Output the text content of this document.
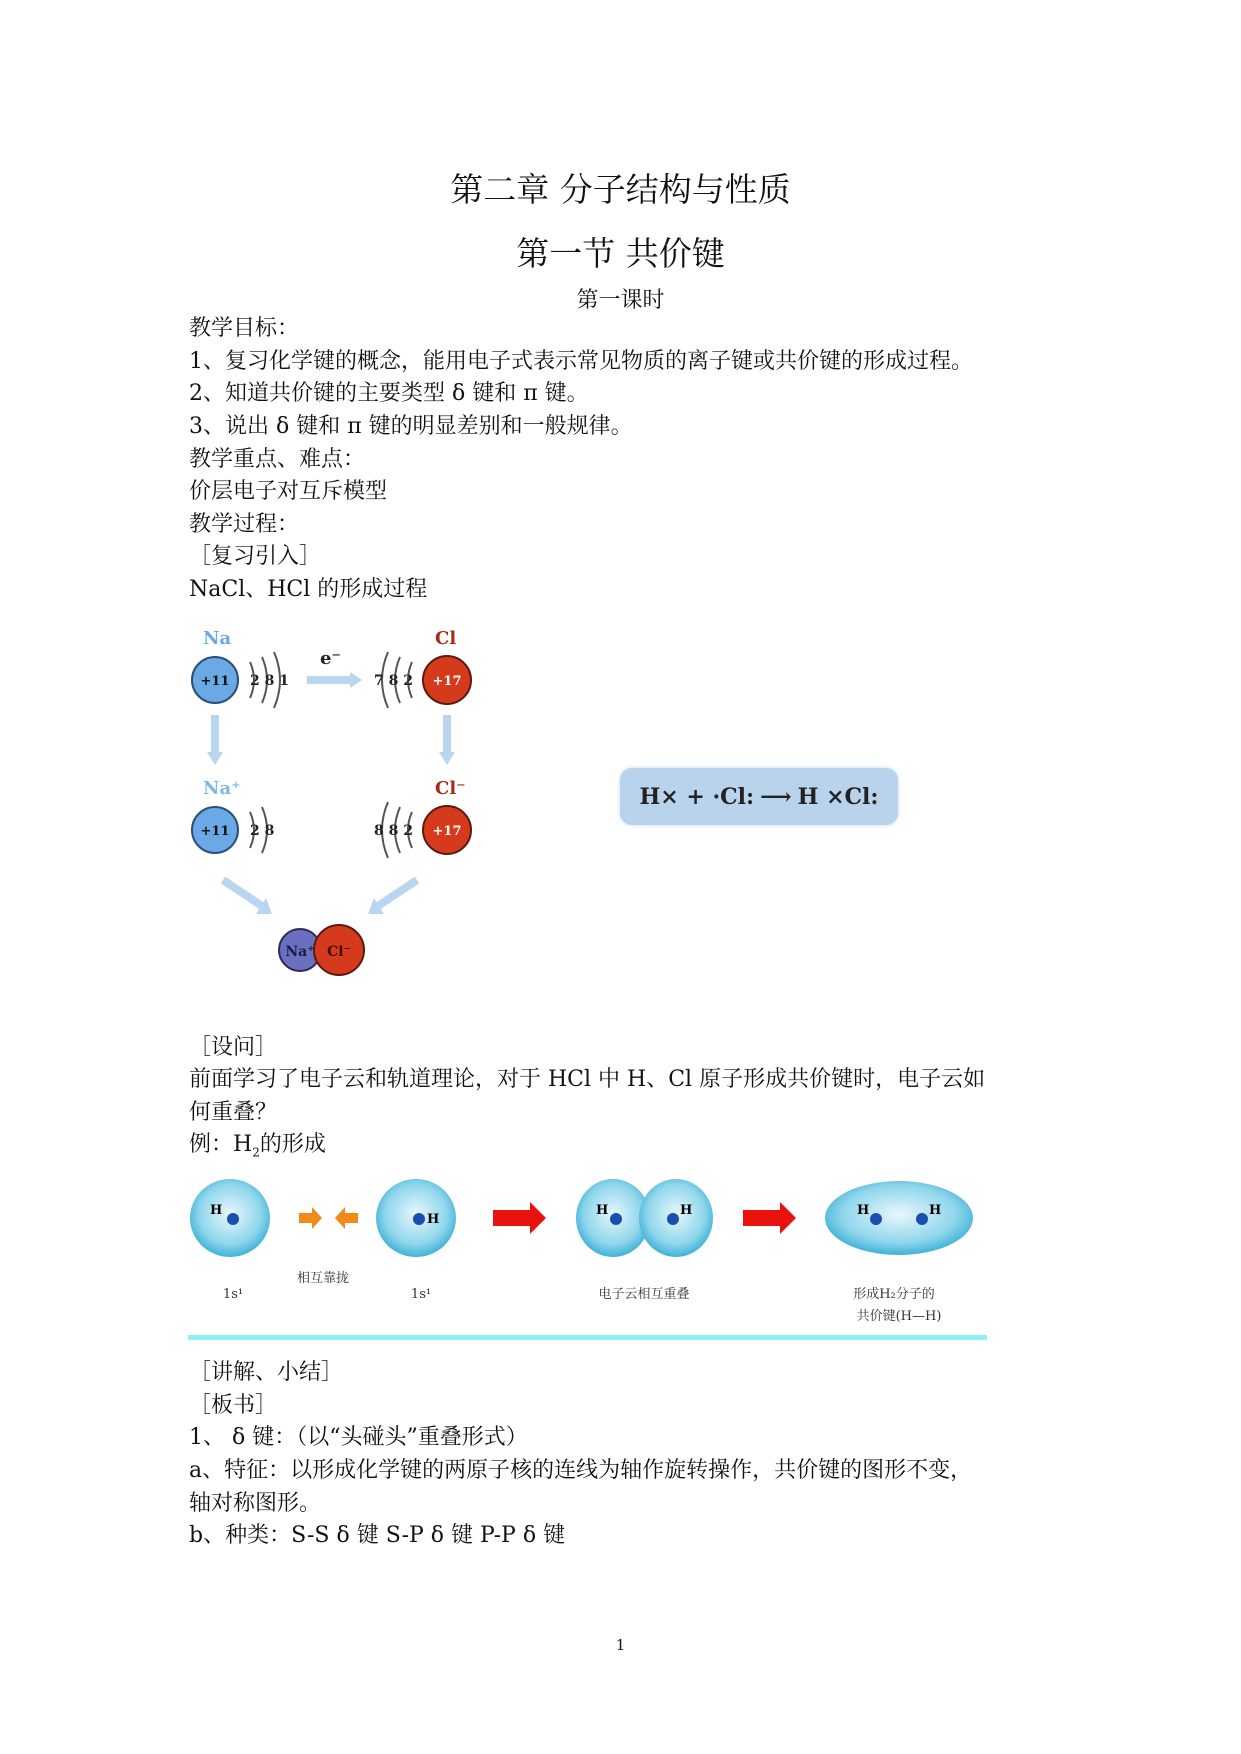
第二章 分子结构与性质
第一节 共价键
第一课时
教学目标：
1、复习化学键的概念，能用电子式表示常见物质的离子键或共价键的形成过程。
2、知道共价键的主要类型 δ 键和 π 键。
3、说出 δ 键和 π 键的明显差别和一般规律。
教学重点、难点：
价层电子对互斥模型
教学过程：
［复习引入］
NaCl、HCl 的形成过程
Na
+11 2 8 1
e⁻
Cl
+17
7 8 2
Na⁺
+11 2 8
Cl⁻
+17
8 8 2
Na⁺ Cl⁻
H× + ·Cl: ⟶ H ×Cl:
［设问］
前面学习了电子云和轨道理论，对于 HCl 中 H、Cl 原子形成共价键时，电子云如
何重叠？
例：$H_2$的形成
H
H
H	H	H	H
相互靠拢
1s¹	1s¹	电子云相互重叠	形成H₂分子的
共价键(H—H)
［讲解、小结］
［板书］
1、 δ 键：（以“头碰头”重叠形式）
a、特征：以形成化学键的两原子核的连线为轴作旋转操作，共价键的图形不变，
轴对称图形。
b、种类：S-S δ 键 S-P δ 键 P-P δ 键
1
